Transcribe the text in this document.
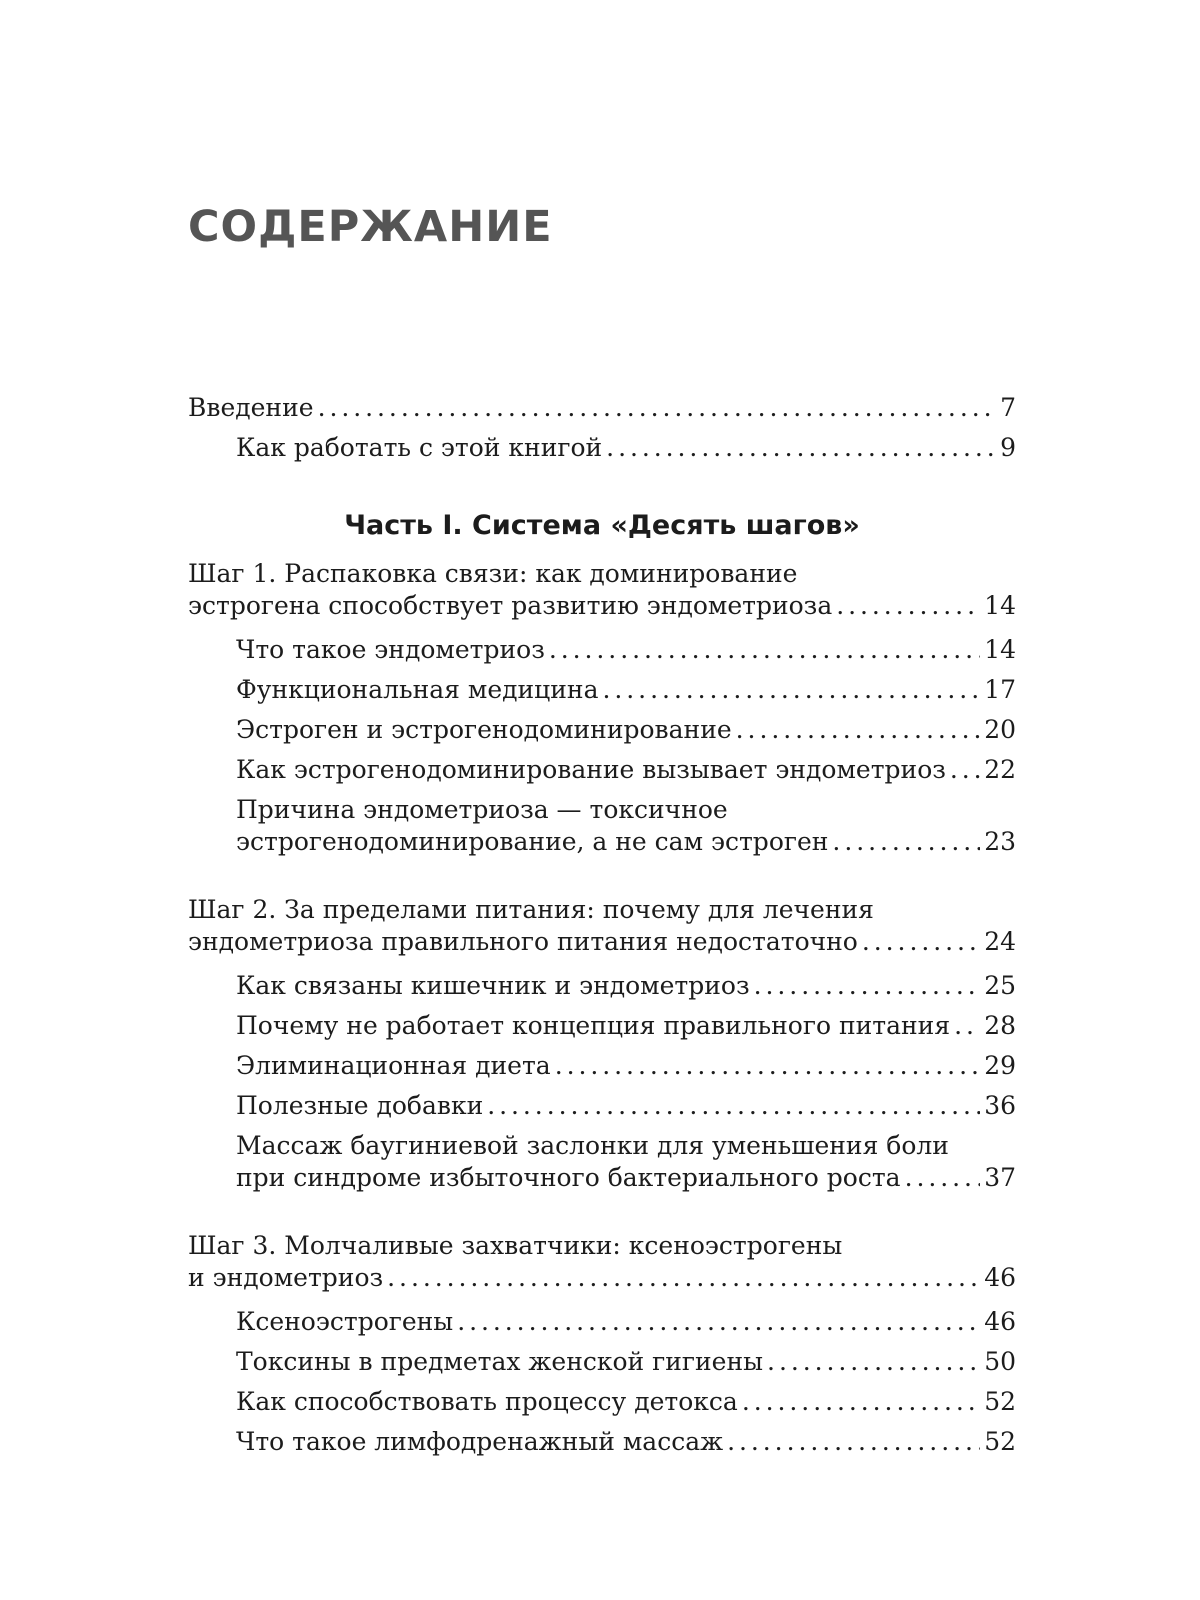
СОДЕРЖАНИЕ
Введение . . .	7
Как работать с этой книгой . . .	9
Часть I. Система «Десять шагов»
Шаг 1. Распаковка связи: как доминирование
эстрогена способствует развитию эндометриоза . . .	14
Что такое эндометриоз . . .	14
Функциональная медицина . . .	17
Эстроген и эстрогенодоминирование . . .	20
Как эстрогенодоминирование вызывает эндометриоз . . . 22
Причина эндометриоза — токсичное
эстрогенодоминирование, а не сам эстроген . . .	23
Шаг 2. За пределами питания: почему для лечения
эндометриоза правильного питания недостаточно . . .	24
Как связаны кишечник и эндометриоз . . .	25
Почему не работает концепция правильного питания . . . 28
Элиминационная диета . . .	29
Полезные добавки . . .	36
Массаж баугиниевой заслонки для уменьшения боли
при синдроме избыточного бактериального роста . . .	37
Шаг 3. Молчаливые захватчики: ксеноэстрогены
и эндометриоз . . .	46
Ксеноэстрогены . . .	46
Токсины в предметах женской гигиены . . .	50
Как способствовать процессу детокса . . .	52
Что такое лимфодренажный массаж . . .	52
